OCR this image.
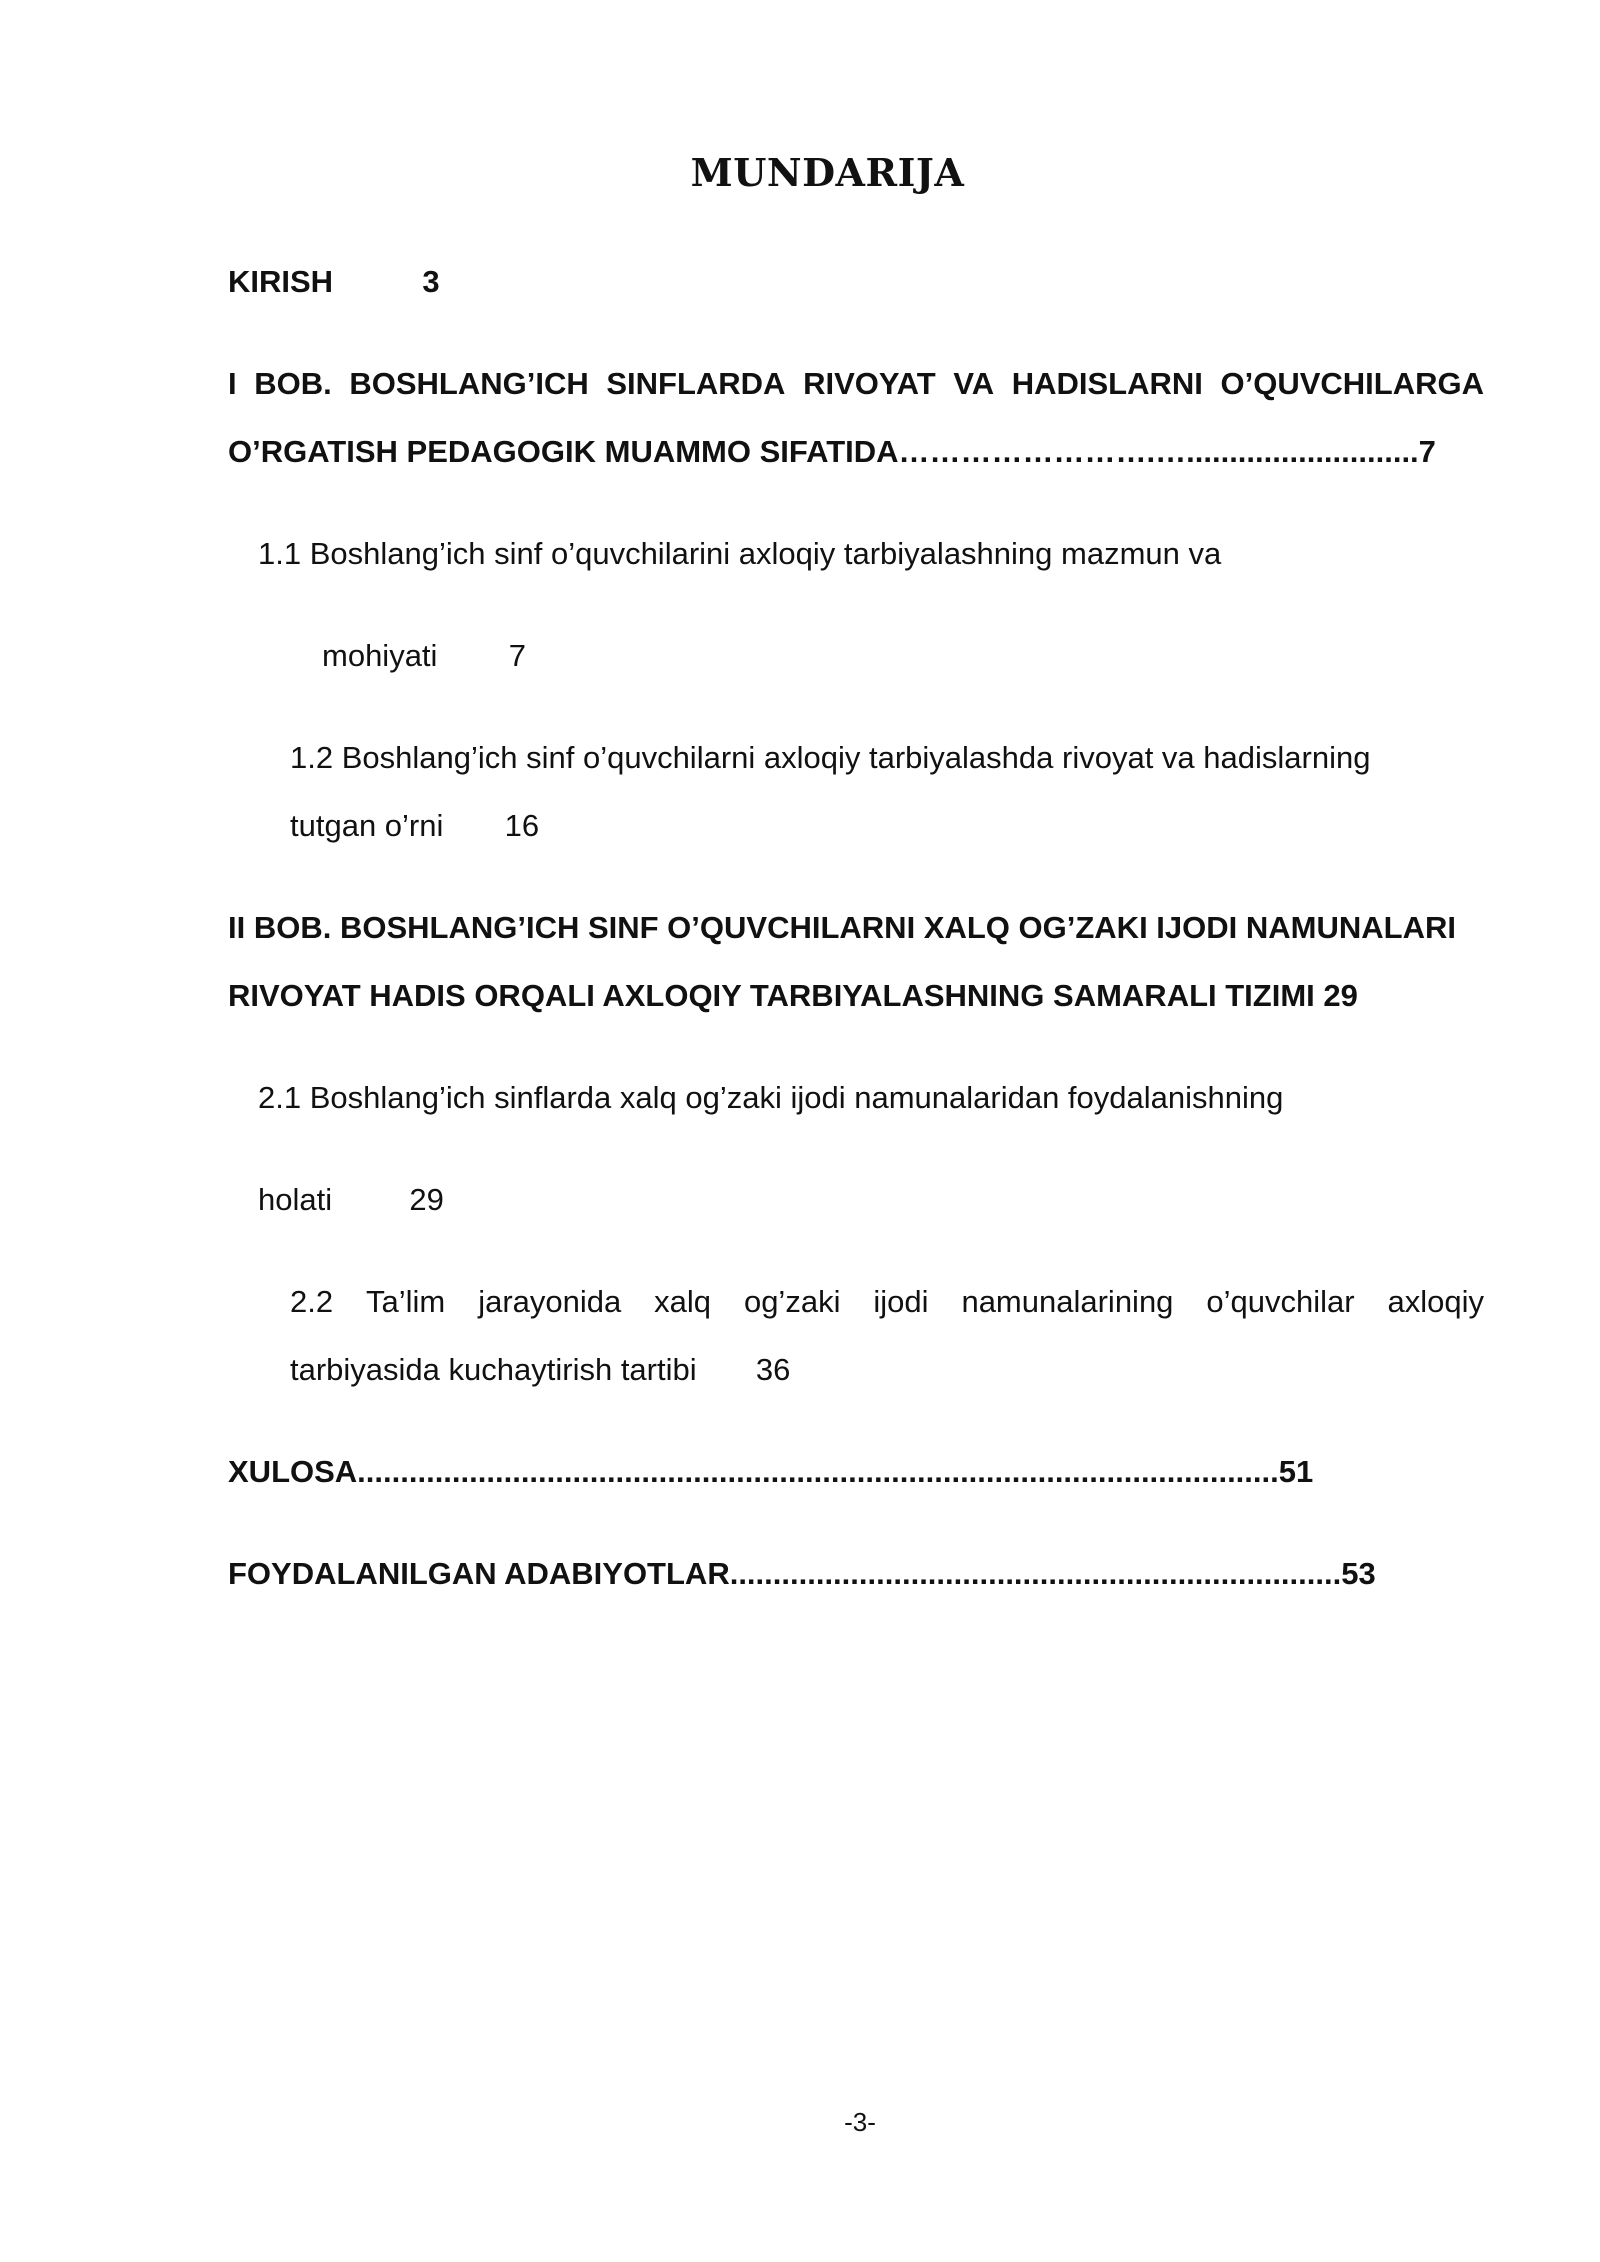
MUNDARIJA
KIRISH	3
I BOB. BOSHLANG’ICH SINFLARDA RIVOYAT VA HADISLARNI O’QUVCHILARGA
O’RGATISH PEDAGOGIK MUAMMO SIFATIDA…………………….…...........................7
1.1 Boshlang’ich sinf o’quvchilarini axloqiy tarbiyalashning mazmun va
mohiyati 7
1.2 Boshlang’ich sinf o’quvchilarni axloqiy tarbiyalashda rivoyat va hadislarning
tutgan o’rni 16
II BOB. BOSHLANG’ICH SINF O’QUVCHILARNI XALQ OG’ZAKI IJODI NAMUNALARI
RIVOYAT HADIS ORQALI AXLOQIY TARBIYALASHNING SAMARALI TIZIMI 29
2.1 Boshlang’ich sinflarda xalq og’zaki ijodi namunalaridan foydalanishning
holati 29
2.2 Ta’lim jarayonida xalq og’zaki ijodi namunalarining o’quvchilar axloqiy
tarbiyasida kuchaytirish tartibi 36
XULOSA...........................................................................................................51
FOYDALANILGAN ADABIYOTLAR.......................................................................53
-3-
